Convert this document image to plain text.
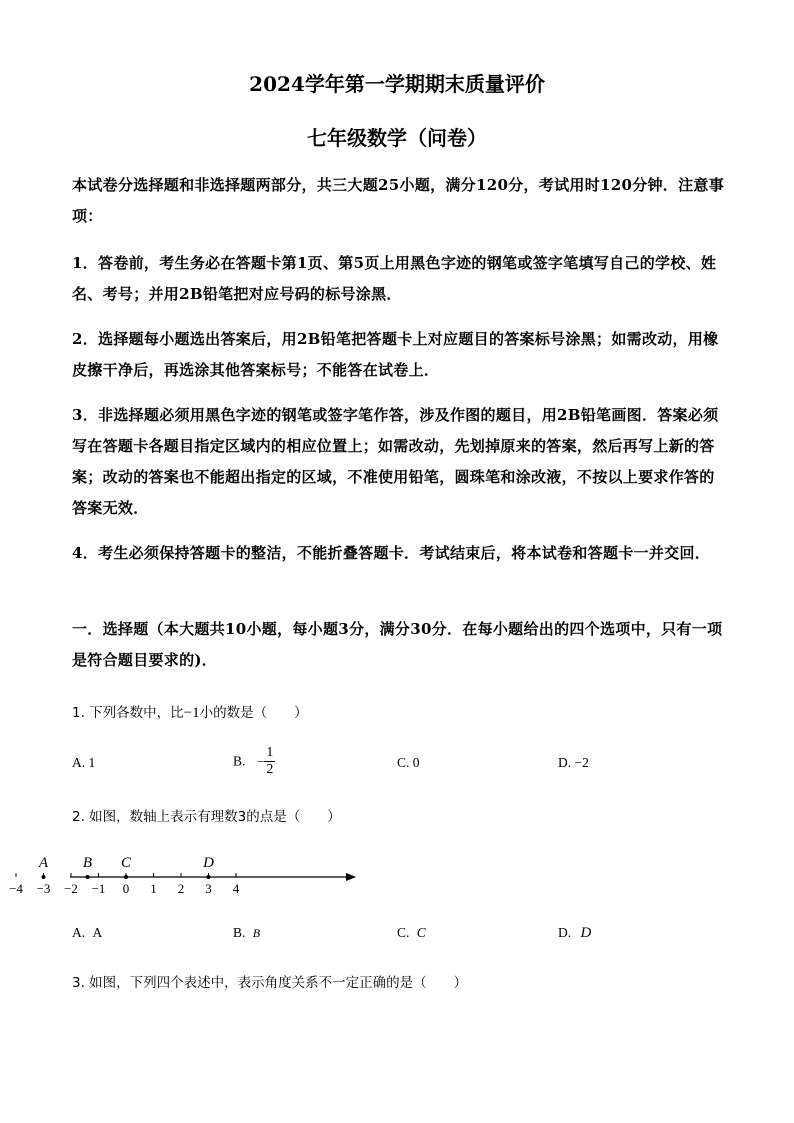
2024学年第一学期期末质量评价
七年级数学（问卷）
本试卷分选择题和非选择题两部分，共三大题25小题，满分120分，考试用时120分钟．注意事项：
1．答卷前，考生务必在答题卡第1页、第5页上用黑色字迹的钢笔或签字笔填写自己的学校、姓名、考号；并用2B铅笔把对应号码的标号涂黑．
2．选择题每小题选出答案后，用2B铅笔把答题卡上对应题目的答案标号涂黑；如需改动，用橡皮擦干净后，再选涂其他答案标号；不能答在试卷上．
3．非选择题必须用黑色字迹的钢笔或签字笔作答，涉及作图的题目，用2B铅笔画图．答案必须写在答题卡各题目指定区域内的相应位置上；如需改动，先划掉原来的答案，然后再写上新的答案；改动的答案也不能超出指定的区域，不准使用铅笔，圆珠笔和涂改液，不按以上要求作答的答案无效．
4．考生必须保持答题卡的整洁，不能折叠答题卡．考试结束后，将本试卷和答题卡一并交回．
一．选择题（本大题共10小题，每小题3分，满分30分．在每小题给出的四个选项中，只有一项是符合题目要求的)．
1. 下列各数中，比−1小的数是（　　）
A. 1	B. − $\frac{1}{2}$	C. 0	D. −2
2. 如图，数轴上表示有理数3的点是（　　）
−4 −3 −2 −1 0 1 2 3 4
A B C	D
A. A	B. B	C. C	D. D
3. 如图，下列四个表述中，表示角度关系不一定正确的是（　　）
